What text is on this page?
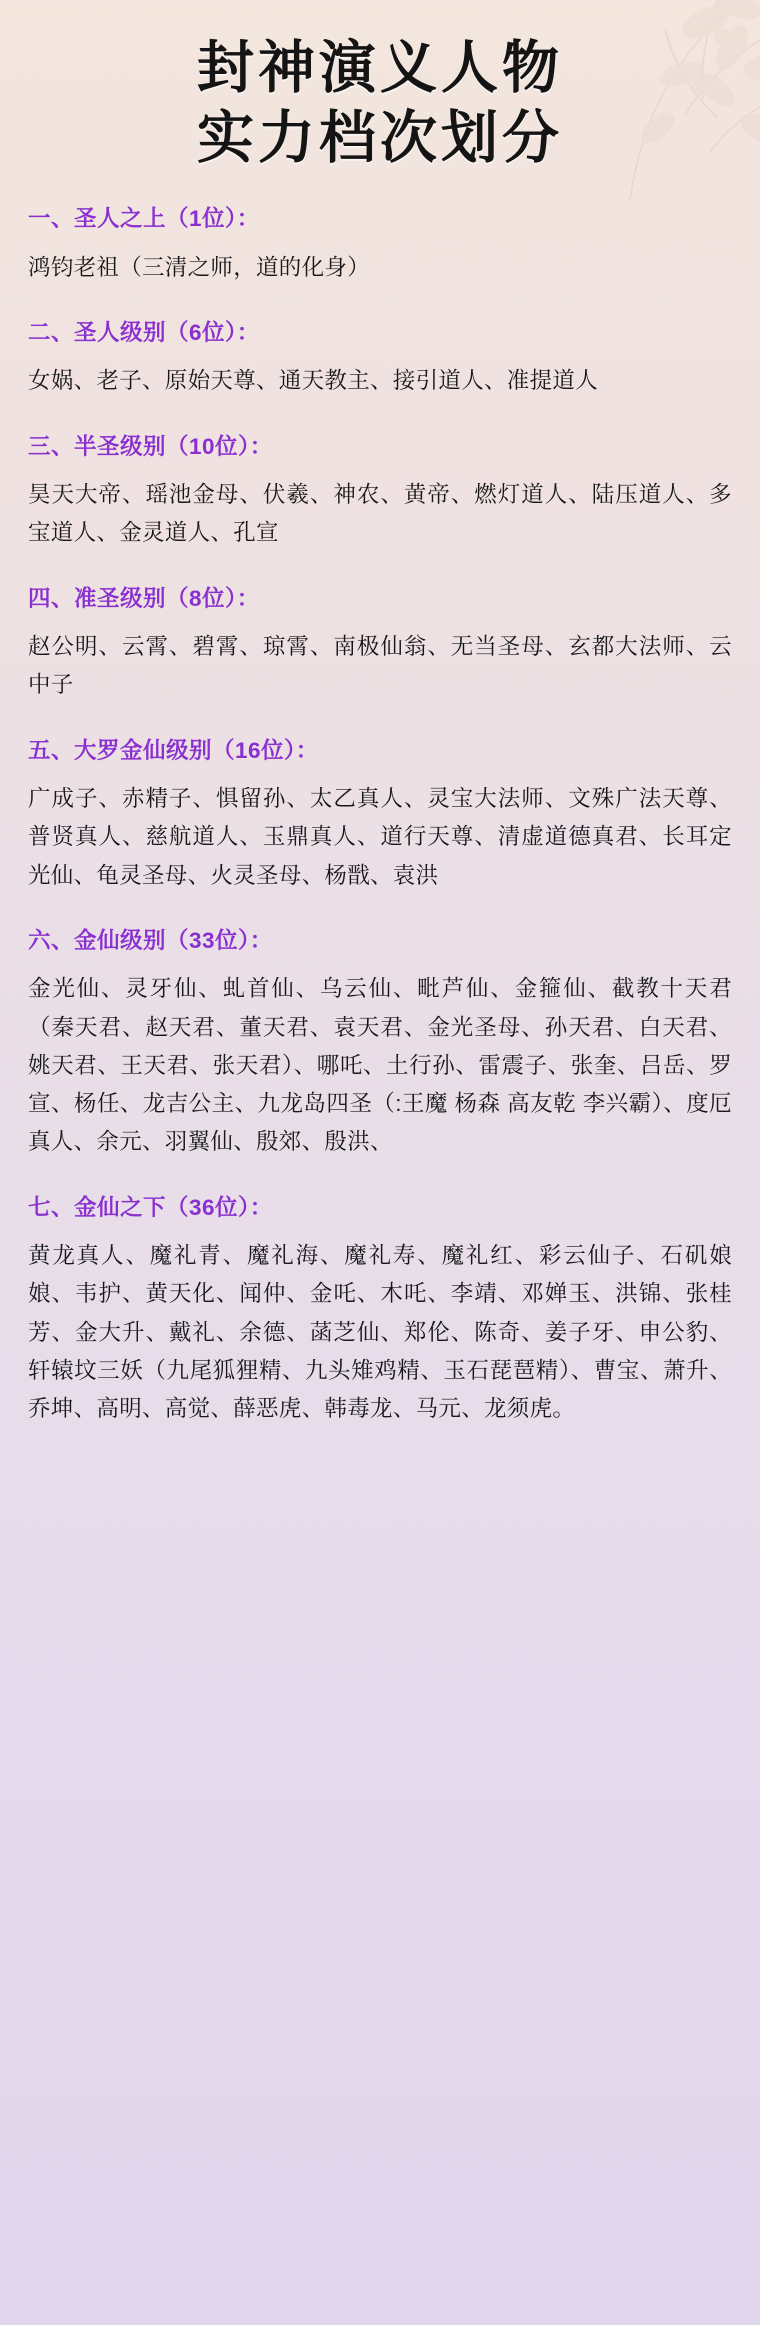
封神演义人物
实力档次划分
一、圣人之上（1位）：
鸿钧老祖（三清之师，道的化身）
二、圣人级别（6位）：
女娲、老子、原始天尊、通天教主、接引道人、准提道人
三、半圣级别（10位）：
昊天大帝、瑶池金母、伏羲、神农、黄帝、燃灯道人、陆压道人、多宝道人、金灵道人、孔宣
四、准圣级别（8位）：
赵公明、云霄、碧霄、琼霄、南极仙翁、无当圣母、玄都大法师、云中子
五、大罗金仙级别（16位）：
广成子、赤精子、惧留孙、太乙真人、灵宝大法师、文殊广法天尊、普贤真人、慈航道人、玉鼎真人、道行天尊、清虚道德真君、长耳定光仙、龟灵圣母、火灵圣母、杨戬、袁洪
六、金仙级别（33位）：
金光仙、灵牙仙、虬首仙、乌云仙、毗芦仙、金箍仙、截教十天君（秦天君、赵天君、董天君、袁天君、金光圣母、孙天君、白天君、姚天君、王天君、张天君）、哪吒、土行孙、雷震子、张奎、吕岳、罗宣、杨任、龙吉公主、九龙岛四圣（:王魔 杨森 高友乾 李兴霸）、度厄真人、余元、羽翼仙、殷郊、殷洪、
七、金仙之下（36位）：
黄龙真人、魔礼青、魔礼海、魔礼寿、魔礼红、彩云仙子、石矶娘娘、韦护、黄天化、闻仲、金吒、木吒、李靖、邓婵玉、洪锦、张桂芳、金大升、戴礼、余德、菡芝仙、郑伦、陈奇、姜子牙、申公豹、轩辕坟三妖（九尾狐狸精、九头雉鸡精、玉石琵琶精）、曹宝、萧升、乔坤、高明、高觉、薛恶虎、韩毒龙、马元、龙须虎。
